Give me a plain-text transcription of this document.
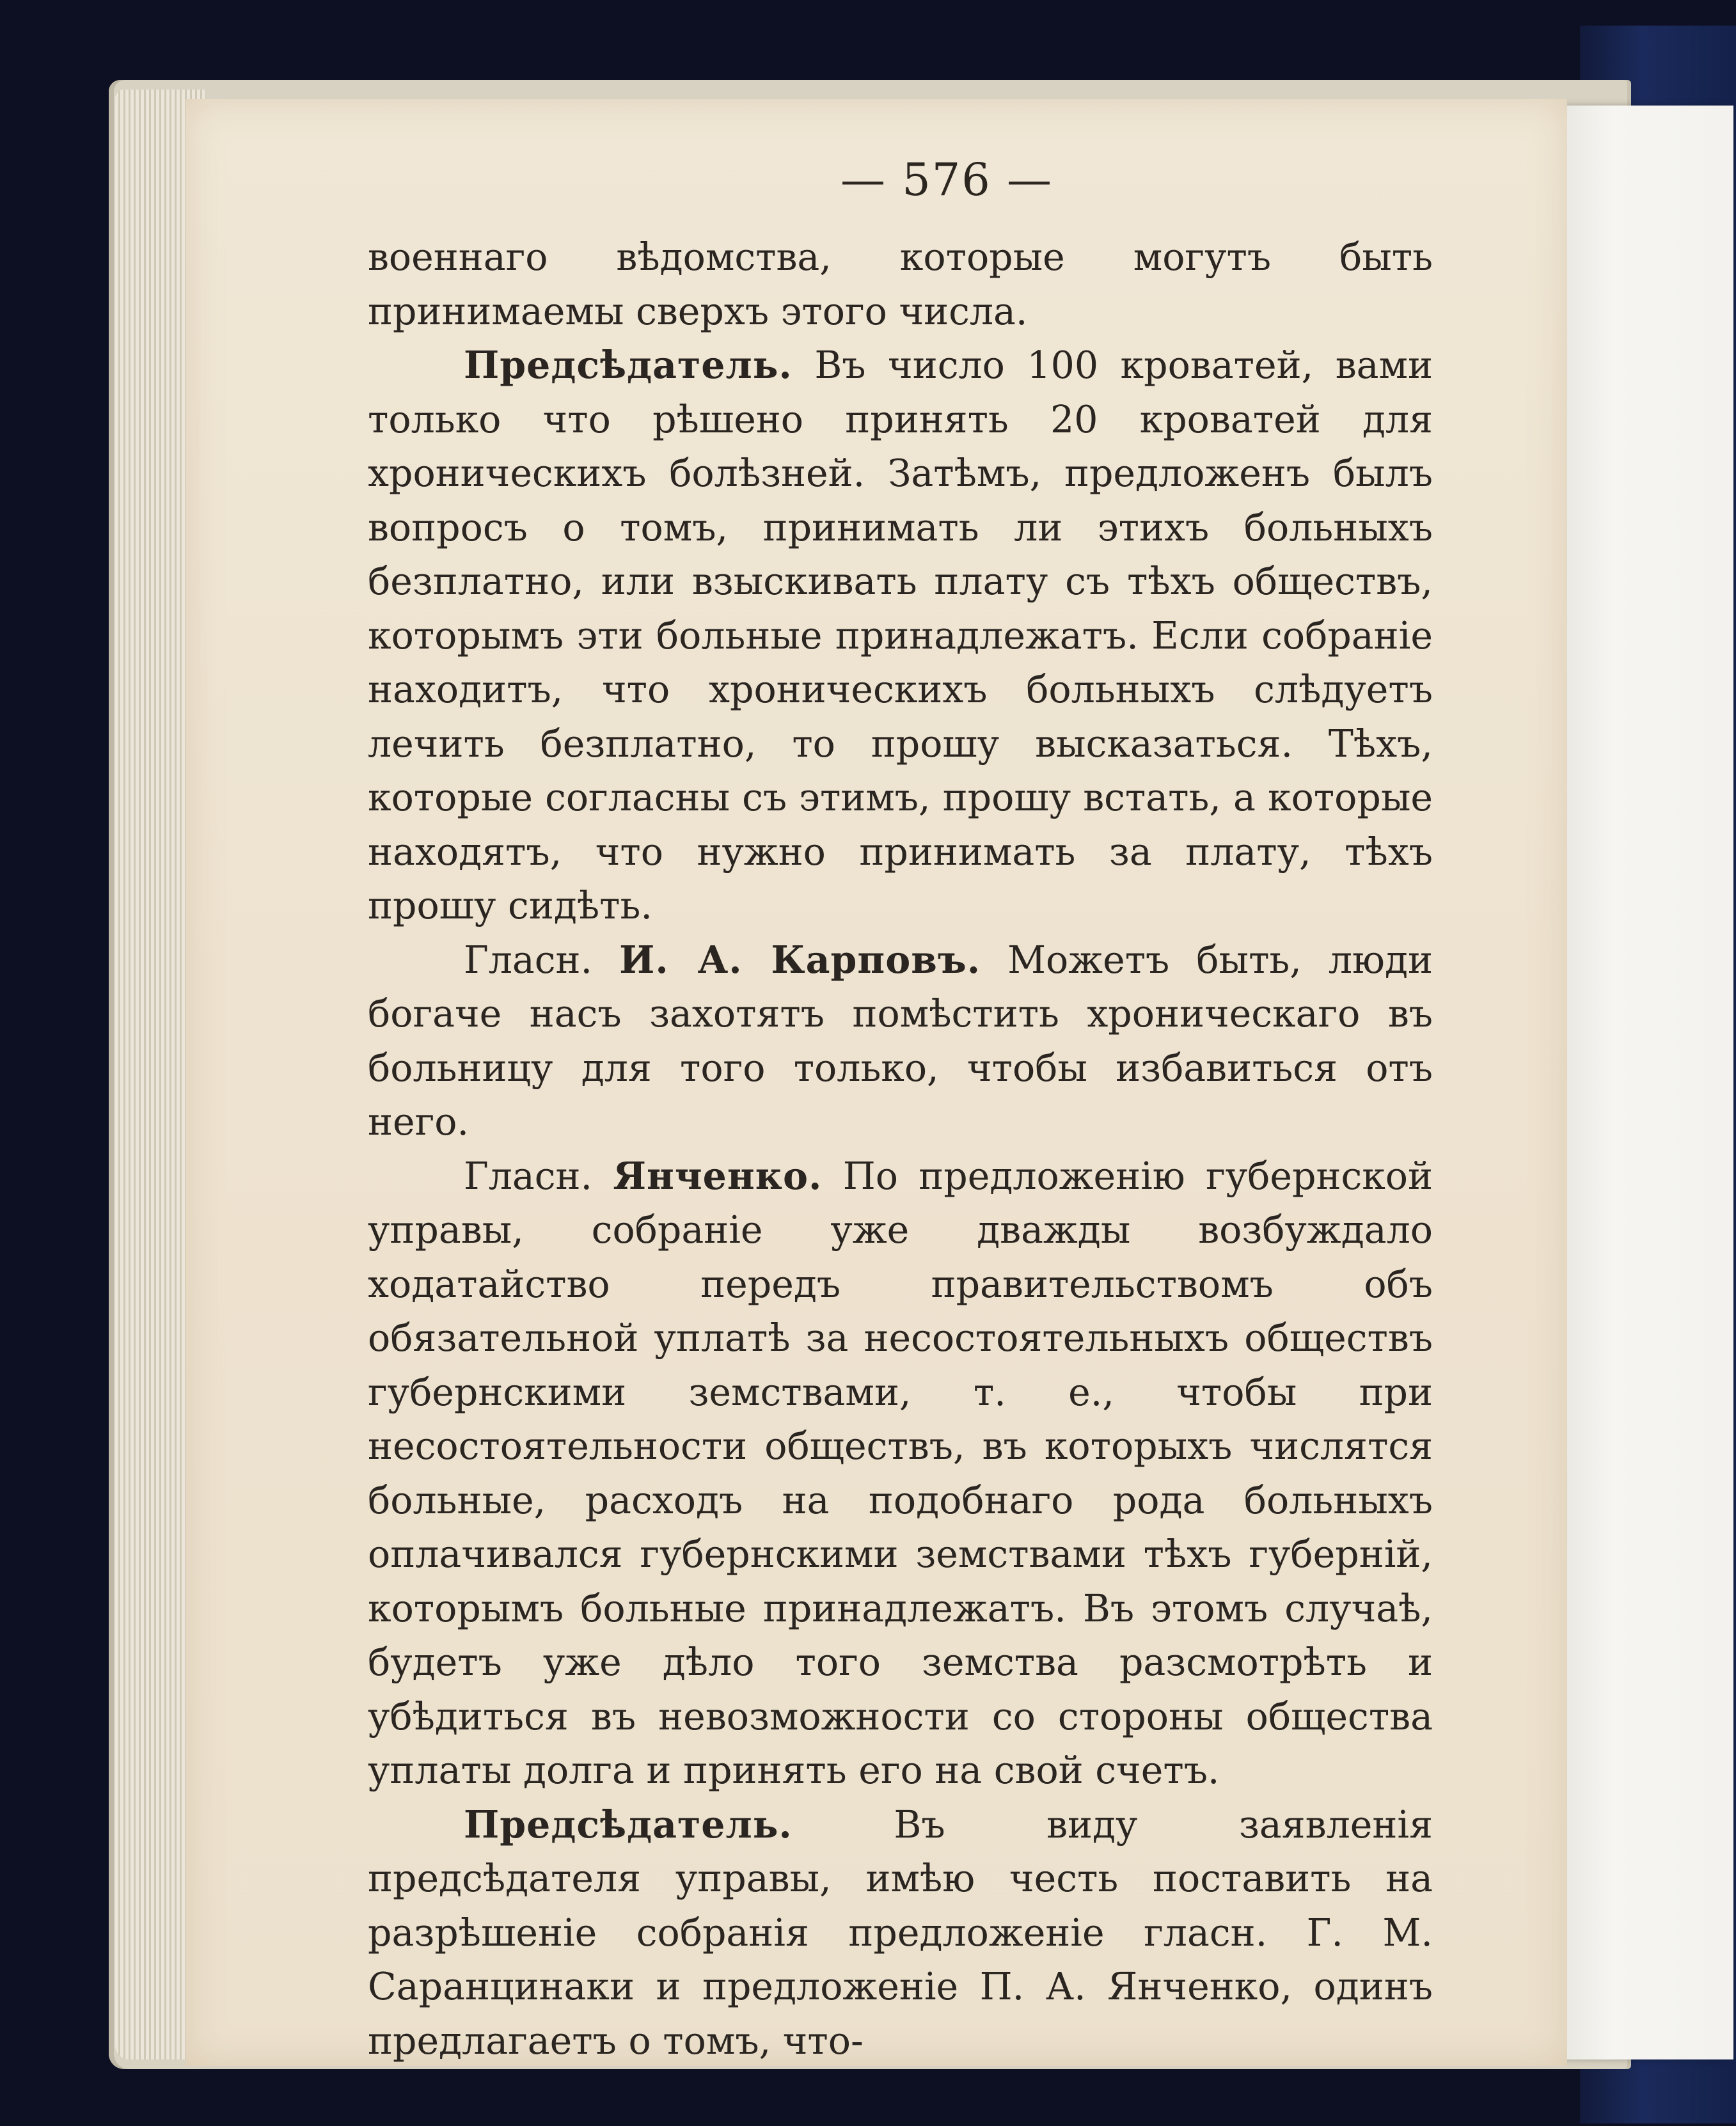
— 576 —

военнаго вѣдомства, которые могутъ быть принимаемы сверхъ этого числа.

Предсѣдатель. Въ число 100 кроватей, вами только что рѣшено принять 20 кроватей для хроническихъ болѣзней. Затѣмъ, предложенъ былъ вопросъ о томъ, принимать ли этихъ больныхъ безплатно, или взыскивать плату съ тѣхъ обществъ, которымъ эти больные принадлежатъ. Если собраніе находитъ, что хроническихъ больныхъ слѣдуетъ лечить безплатно, то прошу высказаться. Тѣхъ, которые согласны съ этимъ, прошу встать, а которые находятъ, что нужно принимать за плату, тѣхъ прошу сидѣть.

Гласн. И. А. Карповъ. Можетъ быть, люди богаче насъ захотятъ помѣстить хроническаго въ больницу для того только, чтобы избавиться отъ него.

Гласн. Янченко. По предложенію губернской управы, собраніе уже дважды возбуждало ходатайство передъ правительствомъ объ обязательной уплатѣ за несостоятельныхъ обществъ губернскими земствами, т. е., чтобы при несостоятельности обществъ, въ которыхъ числятся больные, расходъ на подобнаго рода больныхъ оплачивался губернскими земствами тѣхъ губерній, которымъ больные принадлежатъ. Въ этомъ случаѣ, будетъ уже дѣло того земства разсмотрѣть и убѣдиться въ невозможности со стороны общества уплаты долга и принять его на свой счетъ.

Предсѣдатель. Въ виду заявленія предсѣдателя управы, имѣю честь поставить на разрѣшеніе собранія предложеніе гласн. Г. М. Саранцинаки и предложеніе П. А. Янченко, одинъ предлагаетъ о томъ, что-
